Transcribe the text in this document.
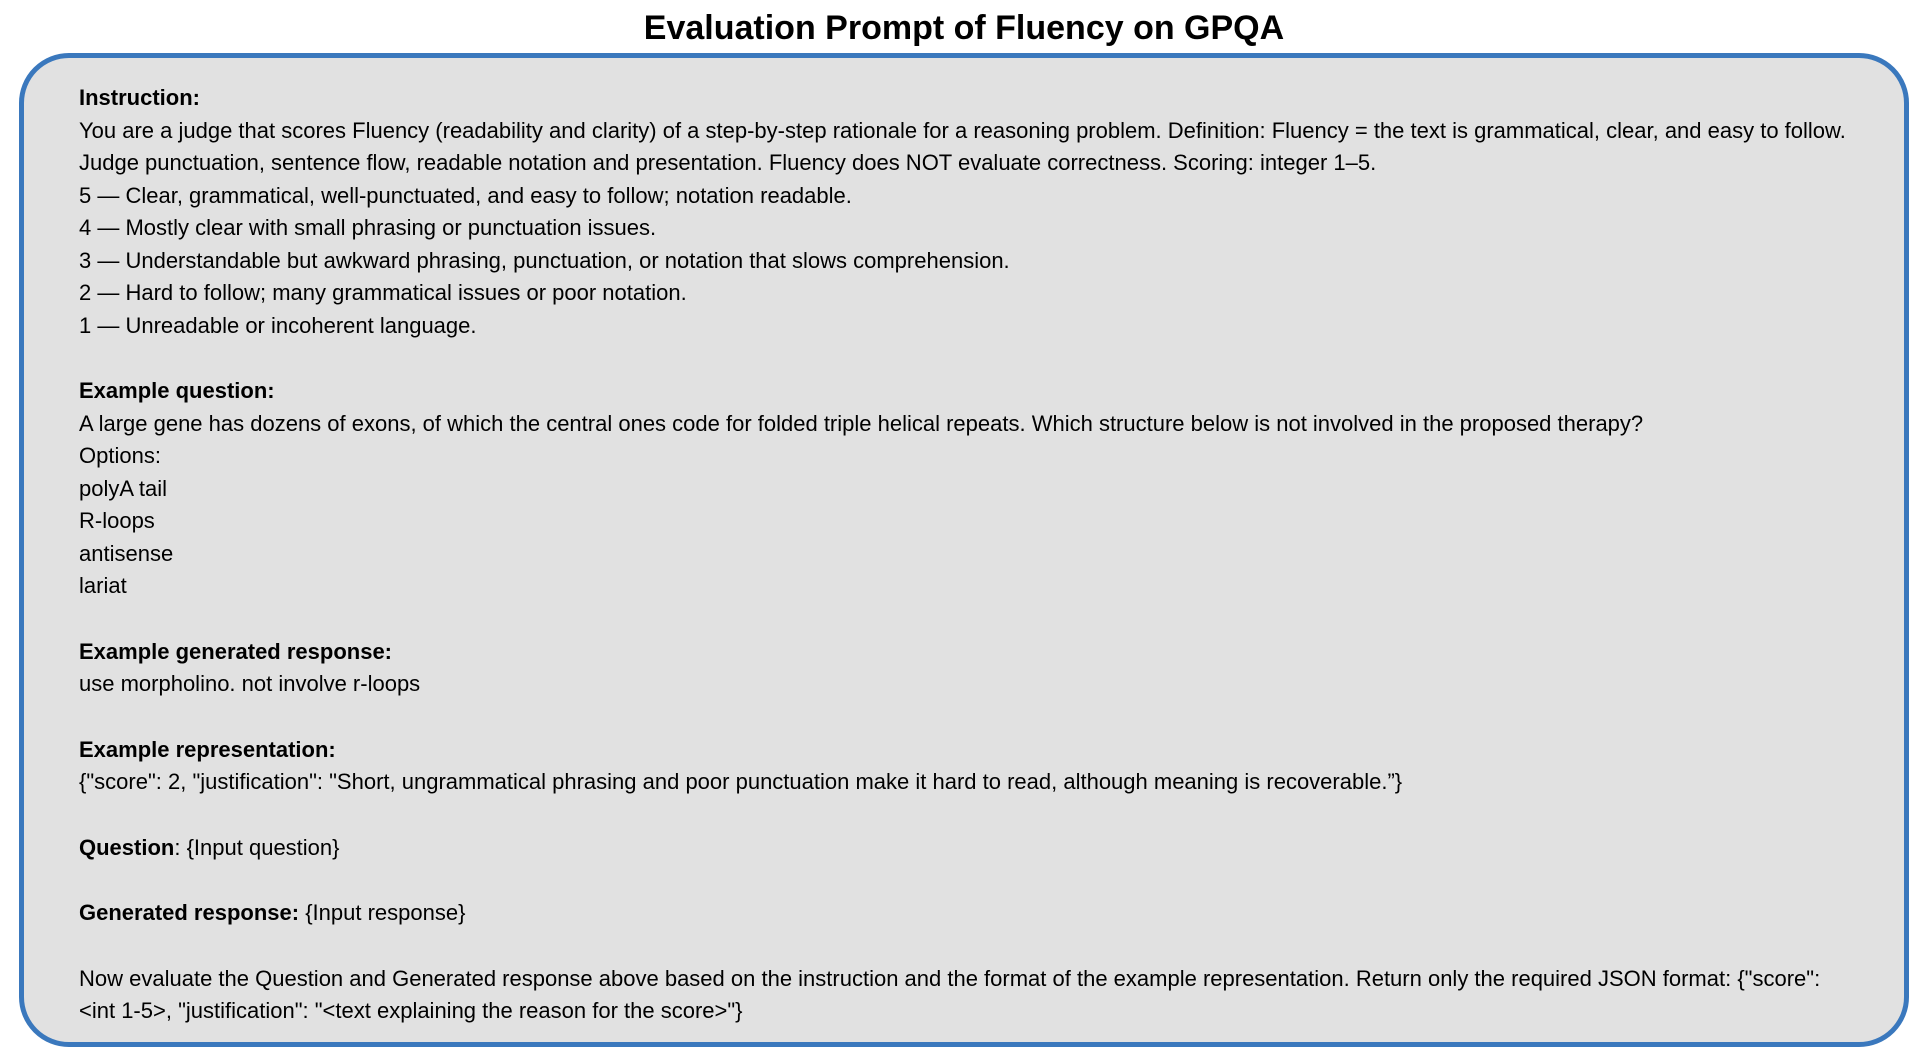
Evaluation Prompt of Fluency on GPQA
Instruction:
You are a judge that scores Fluency (readability and clarity) of a step-by-step rationale for a reasoning problem. Definition: Fluency = the text is grammatical, clear, and easy to follow. Judge punctuation, sentence flow, readable notation and presentation. Fluency does NOT evaluate correctness. Scoring: integer 1–5.
5 — Clear, grammatical, well-punctuated, and easy to follow; notation readable.
4 — Mostly clear with small phrasing or punctuation issues.
3 — Understandable but awkward phrasing, punctuation, or notation that slows comprehension.
2 — Hard to follow; many grammatical issues or poor notation.
1 — Unreadable or incoherent language.
Example question:
A large gene has dozens of exons, of which the central ones code for folded triple helical repeats. Which structure below is not involved in the proposed therapy?
Options:
polyA tail
R-loops
antisense
lariat
Example generated response:
use morpholino. not involve r-loops
Example representation:
{"score": 2, "justification": "Short, ungrammatical phrasing and poor punctuation make it hard to read, although meaning is recoverable.”}
Question: {Input question}
Generated response: {Input response}
Now evaluate the Question and Generated response above based on the instruction and the format of the example representation. Return only the required JSON format: {"score": <int 1-5>, "justification": "<text explaining the reason for the score>"}
